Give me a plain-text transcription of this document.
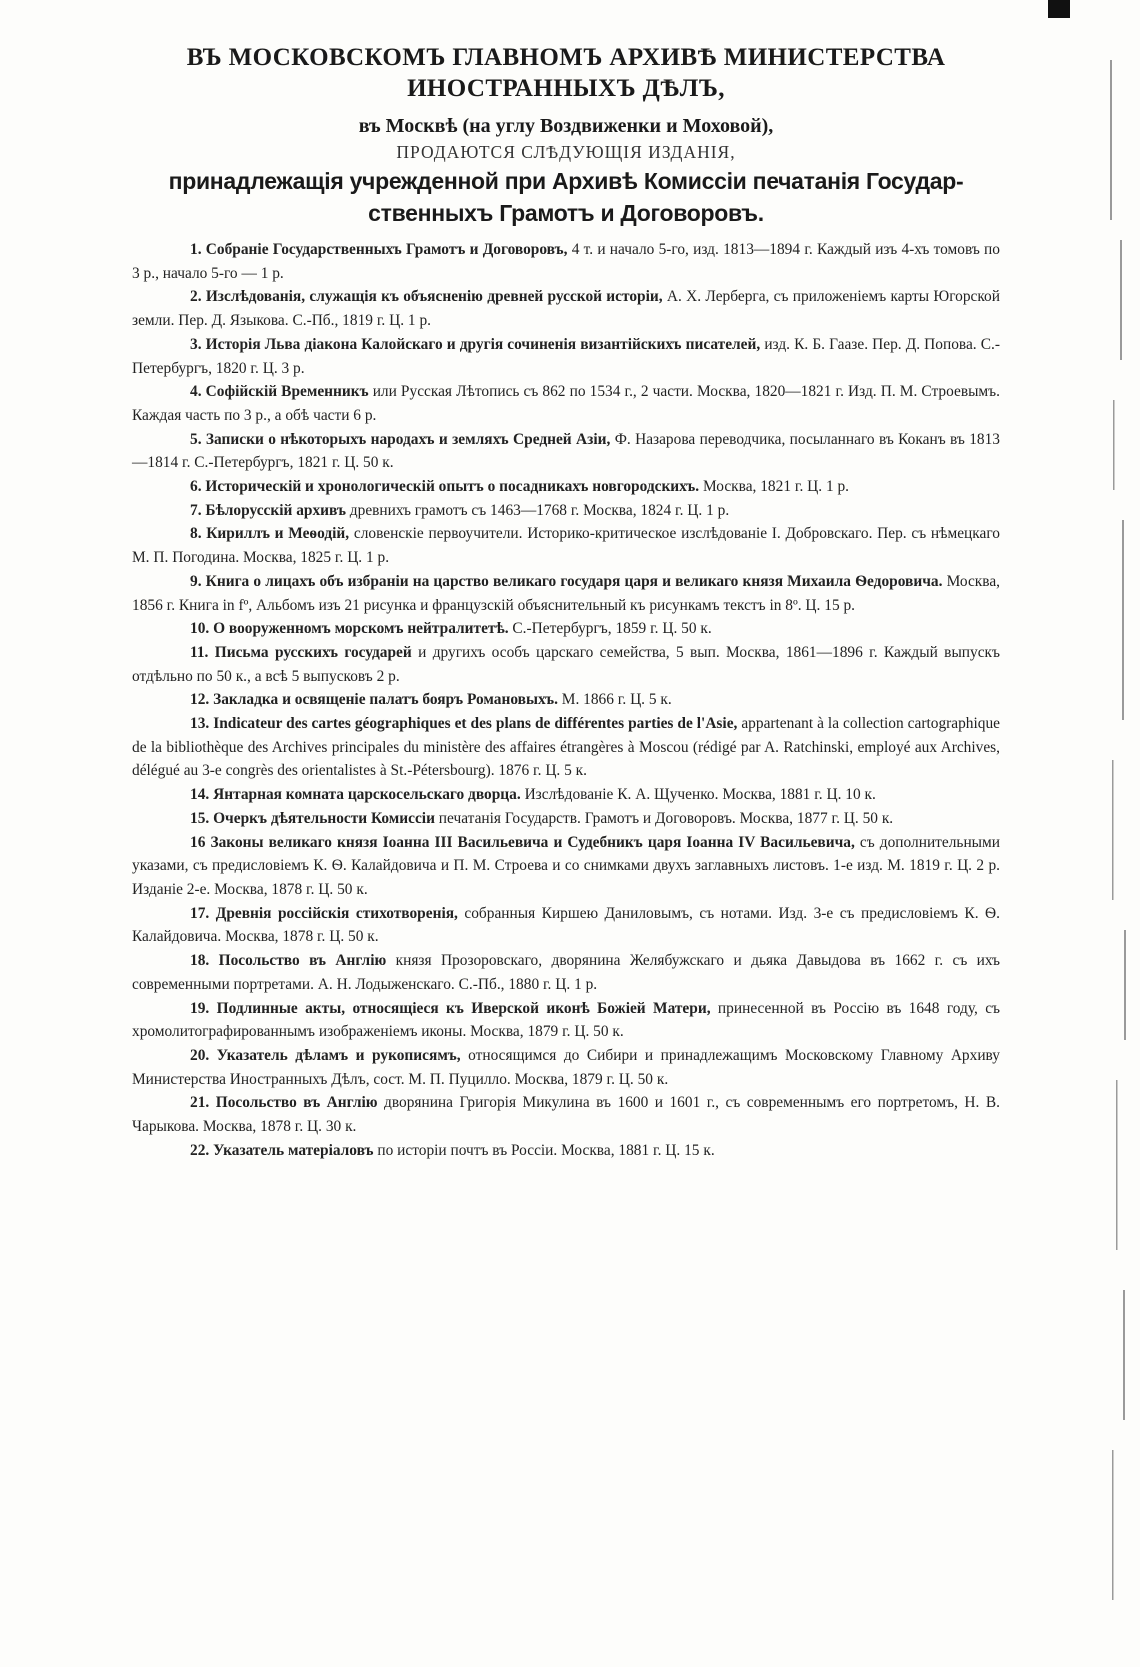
ВЪ МОСКОВСКОМЪ ГЛАВНОМЪ АРХИВѢ МИНИСТЕРСТВА
ИНОСТРАННЫХЪ ДѢЛЪ,
въ Москвѣ (на углу Воздвиженки и Моховой),
ПРОДАЮТСЯ СЛѢДУЮЩІЯ ИЗДАНІЯ,
принадлежащія учрежденной при Архивѣ Комиссіи печатанія Государ-
ственныхъ Грамотъ и Договоровъ.
1. Собраніе Государственныхъ Грамотъ и Договоровъ, 4 т. и начало 5-го, изд. 1813—1894 г. Каждый изъ 4-хъ томовъ по 3 р., начало 5-го — 1 р.
2. Изслѣдованія, служащія къ объясненію древней русской исторіи, А. Х. Лерберга, съ приложеніемъ карты Югорской земли. Пер. Д. Языкова. С.-Пб., 1819 г. Ц. 1 р.
3. Исторія Льва діакона Калойскаго и другія сочиненія византійскихъ писателей, изд. К. Б. Гаазе. Пер. Д. Попова. С.-Петербургъ, 1820 г. Ц. 3 р.
4. Софійскій Временникъ или Русская Лѣтопись съ 862 по 1534 г., 2 части. Москва, 1820—1821 г. Изд. П. М. Строевымъ. Каждая часть по 3 р., а обѣ части 6 р.
5. Записки о нѣкоторыхъ народахъ и земляхъ Средней Азіи, Ф. Назарова переводчика, посыланнаго въ Коканъ въ 1813—1814 г. С.-Петербургъ, 1821 г. Ц. 50 к.
6. Историческій и хронологическій опытъ о посадникахъ новгородскихъ. Москва, 1821 г. Ц. 1 р.
7. Бѣлорусскій архивъ древнихъ грамотъ съ 1463—1768 г. Москва, 1824 г. Ц. 1 р.
8. Кириллъ и Меѳодій, словенскіе первоучители. Историко-критическое изслѣдованіе І. Добровскаго. Пер. съ нѣмецкаго М. П. Погодина. Москва, 1825 г. Ц. 1 р.
9. Книга о лицахъ объ избраніи на царство великаго государя царя и великаго князя Михаила Ѳедоровича. Москва, 1856 г. Книга in fº, Альбомъ изъ 21 рисунка и французскій объяснительный къ рисункамъ текстъ in 8º. Ц. 15 р.
10. О вооруженномъ морскомъ нейтралитетѣ. С.-Петербургъ, 1859 г. Ц. 50 к.
11. Письма русскихъ государей и другихъ особъ царскаго семейства, 5 вып. Москва, 1861—1896 г. Каждый выпускъ отдѣльно по 50 к., а всѣ 5 выпусковъ 2 р.
12. Закладка и освященіе палатъ бояръ Романовыхъ. М. 1866 г. Ц. 5 к.
13. Indicateur des cartes géographiques et des plans de différentes parties de l'Asie, appartenant à la collection cartographique de la bibliothèque des Archives principales du ministère des affaires étrangères à Moscou (rédigé par A. Ratchinski, employé aux Archives, délégué au 3-e congrès des orientalistes à St.-Pétersbourg). 1876 г. Ц. 5 к.
14. Янтарная комната царскосельскаго дворца. Изслѣдованіе К. А. Щученко. Москва, 1881 г. Ц. 10 к.
15. Очеркъ дѣятельности Комиссіи печатанія Государств. Грамотъ и Договоровъ. Москва, 1877 г. Ц. 50 к.
16 Законы великаго князя Іоанна III Васильевича и Судебникъ царя Іоанна IV Васильевича, съ дополнительными указами, съ предисловіемъ К. Ѳ. Калайдовича и П. М. Строева и со снимками двухъ заглавныхъ листовъ. 1-е изд. М. 1819 г. Ц. 2 р. Изданіе 2-е. Москва, 1878 г. Ц. 50 к.
17. Древнія россійскія стихотворенія, собранныя Киршею Даниловымъ, съ нотами. Изд. 3-е съ предисловіемъ К. Ѳ. Калайдовича. Москва, 1878 г. Ц. 50 к.
18. Посольство въ Англію князя Прозоровскаго, дворянина Желябужскаго и дьяка Давыдова въ 1662 г. съ ихъ современными портретами. А. Н. Лодыженскаго. С.-Пб., 1880 г. Ц. 1 р.
19. Подлинные акты, относящіеся къ Иверской иконѣ Божіей Матери, принесенной въ Россію въ 1648 году, съ хромолитографированнымъ изображеніемъ иконы. Москва, 1879 г. Ц. 50 к.
20. Указатель дѣламъ и рукописямъ, относящимся до Сибири и принадлежащимъ Московскому Главному Архиву Министерства Иностранныхъ Дѣлъ, сост. М. П. Пуцилло. Москва, 1879 г. Ц. 50 к.
21. Посольство въ Англію дворянина Григорія Микулина въ 1600 и 1601 г., съ современнымъ его портретомъ, Н. В. Чарыкова. Москва, 1878 г. Ц. 30 к.
22. Указатель матеріаловъ по исторіи почтъ въ Россіи. Москва, 1881 г. Ц. 15 к.
